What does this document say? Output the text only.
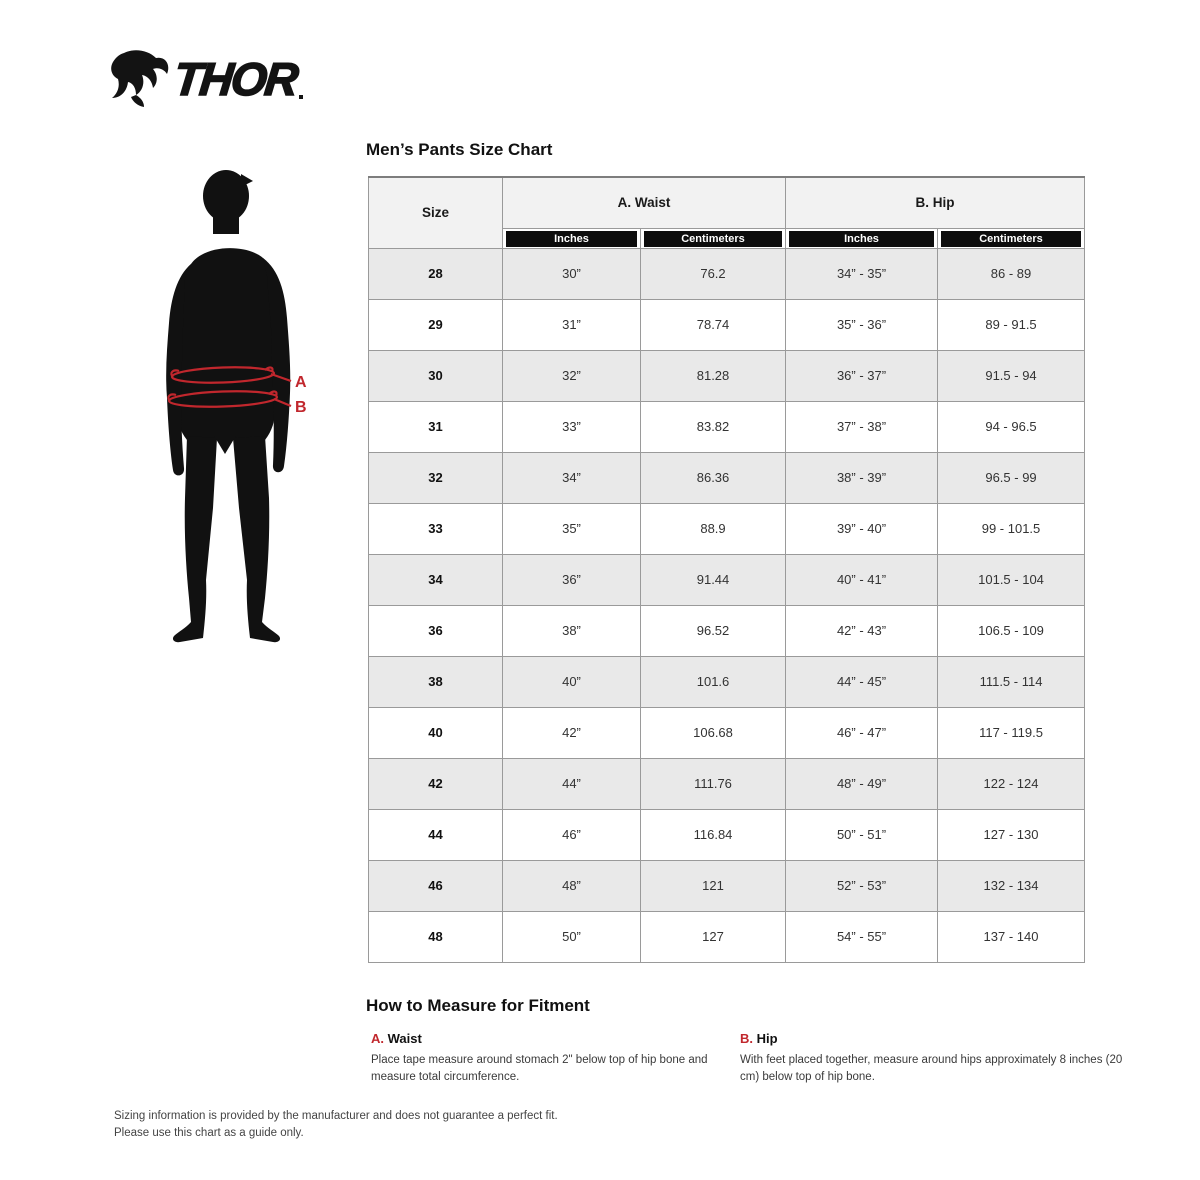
THOR
Men’s Pants Size Chart
A
B
Size	A. Waist		B. Hip	

	Inches	Centimeters	Inches	Centimeters

28	30”	76.2	34” - 35”	86 - 89
29	31”	78.74	35” - 36”	89 - 91.5
30	32”	81.28	36” - 37”	91.5 - 94
31	33”	83.82	37” - 38”	94 - 96.5
32	34”	86.36	38” - 39”	96.5 - 99
33	35”	88.9	39” - 40”	99 - 101.5
34	36”	91.44	40” - 41”	101.5 - 104
36	38”	96.52	42” - 43”	106.5 - 109
38	40”	101.6	44” - 45”	111.5 - 114
40	42”	106.68	46” - 47”	117 - 119.5
42	44”	111.76	48” - 49”	122 - 124
44	46”	116.84	50” - 51”	127 - 130
46	48”	121	52” - 53”	132 - 134
48	50”	127	54” - 55”	137 - 140
How to Measure for Fitment
A. Waist

Place tape measure around stomach 2" below top of hip bone and measure total circumference.

B. Hip

With feet placed together, measure around hips approximately 8 inches (20 cm) below top of hip bone.

Sizing information is provided by the manufacturer and does not guarantee a perfect fit.
Please use this chart as a guide only.
